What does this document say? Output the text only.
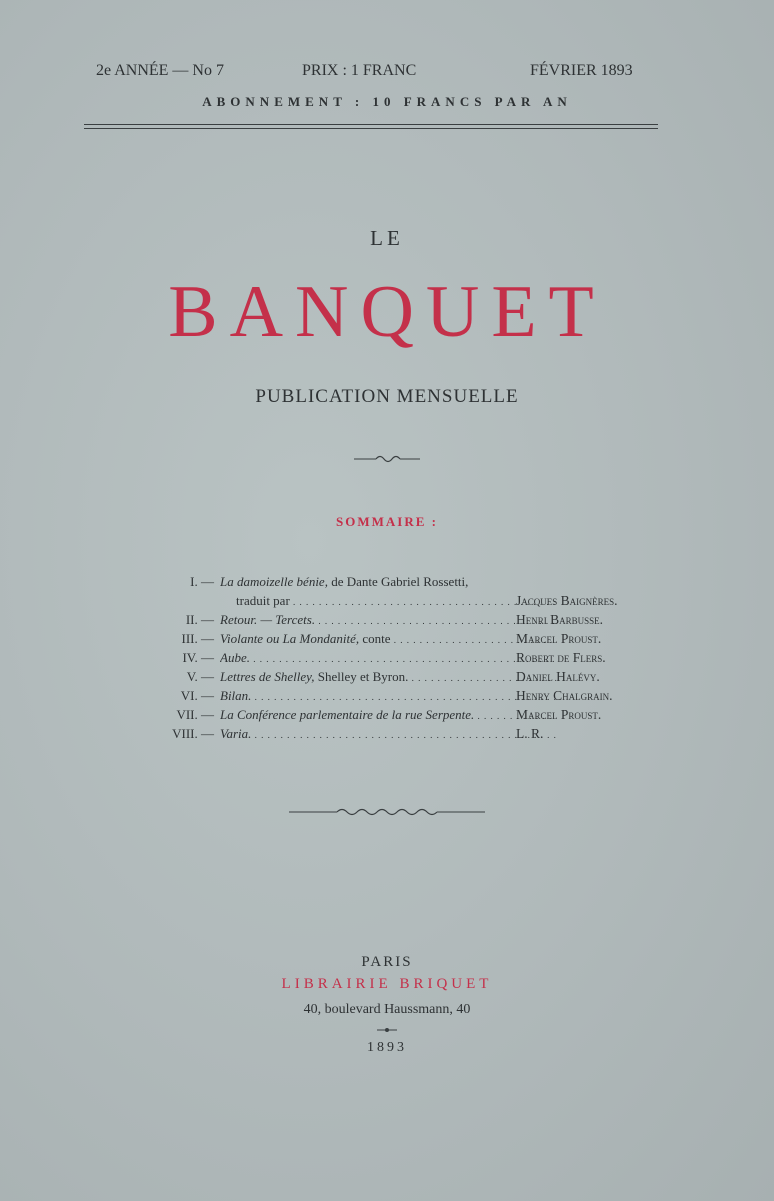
2e ANNÉE — No 7	PRIX : 1 FRANC	FÉVRIER 1893
ABONNEMENT : 10 FRANCS PAR AN
LE
BANQUET
PUBLICATION MENSUELLE
SOMMAIRE :
I. — La damoizelle bénie, de Dante Gabriel Rossetti,
traduit par . . .	Jacques Baignères.
II. — Retour. — Tercets. . . .	Henri Barbusse.
III. — Violante ou La Mondanité, conte . . .	Marcel Proust.
IV. — Aube. . . .	Robert de Flers.
V. — Lettres de Shelley, Shelley et Byron. . . .	Daniel Halévy.
VI. — Bilan. . . .	Henry Chalgrain.
VII. — La Conférence parlementaire de la rue Serpente. . . .	Marcel Proust.
VIII. — Varia. . . .	L. R.
PARIS
LIBRAIRIE BRIQUET
40, boulevard Haussmann, 40
1893
